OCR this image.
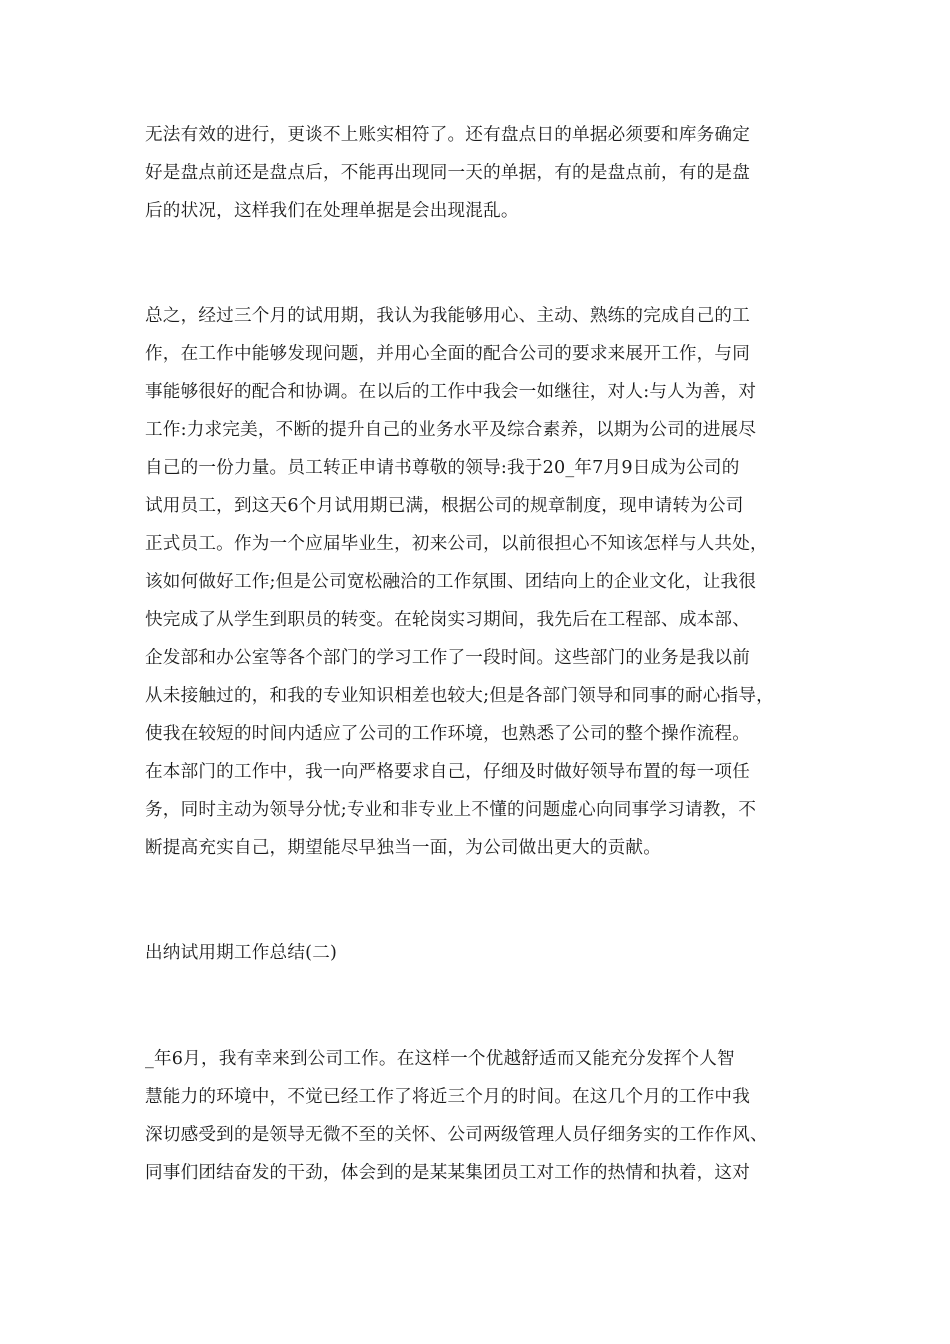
无法有效的进行，更谈不上账实相符了。还有盘点日的单据必须要和库务确定
好是盘点前还是盘点后，不能再出现同一天的单据，有的是盘点前，有的是盘
后的状况，这样我们在处理单据是会出现混乱。
总之，经过三个月的试用期，我认为我能够用心、主动、熟练的完成自己的工
作，在工作中能够发现问题，并用心全面的配合公司的要求来展开工作，与同
事能够很好的配合和协调。在以后的工作中我会一如继往，对人:与人为善，对
工作:力求完美，不断的提升自己的业务水平及综合素养，以期为公司的进展尽
自己的一份力量。员工转正申请书尊敬的领导:我于20_年7月9日成为公司的
试用员工，到这天6个月试用期已满，根据公司的规章制度，现申请转为公司
正式员工。作为一个应届毕业生，初来公司，以前很担心不知该怎样与人共处，
该如何做好工作;但是公司宽松融洽的工作氛围、团结向上的企业文化，让我很
快完成了从学生到职员的转变。在轮岗实习期间，我先后在工程部、成本部、
企发部和办公室等各个部门的学习工作了一段时间。这些部门的业务是我以前
从未接触过的，和我的专业知识相差也较大;但是各部门领导和同事的耐心指导，
使我在较短的时间内适应了公司的工作环境，也熟悉了公司的整个操作流程。
在本部门的工作中，我一向严格要求自己，仔细及时做好领导布置的每一项任
务，同时主动为领导分忧;专业和非专业上不懂的问题虚心向同事学习请教，不
断提高充实自己，期望能尽早独当一面，为公司做出更大的贡献。
出纳试用期工作总结(二)
_年6月，我有幸来到公司工作。在这样一个优越舒适而又能充分发挥个人智
慧能力的环境中，不觉已经工作了将近三个月的时间。在这几个月的工作中我
深切感受到的是领导无微不至的关怀、公司两级管理人员仔细务实的工作作风、
同事们团结奋发的干劲，体会到的是某某集团员工对工作的热情和执着，这对
